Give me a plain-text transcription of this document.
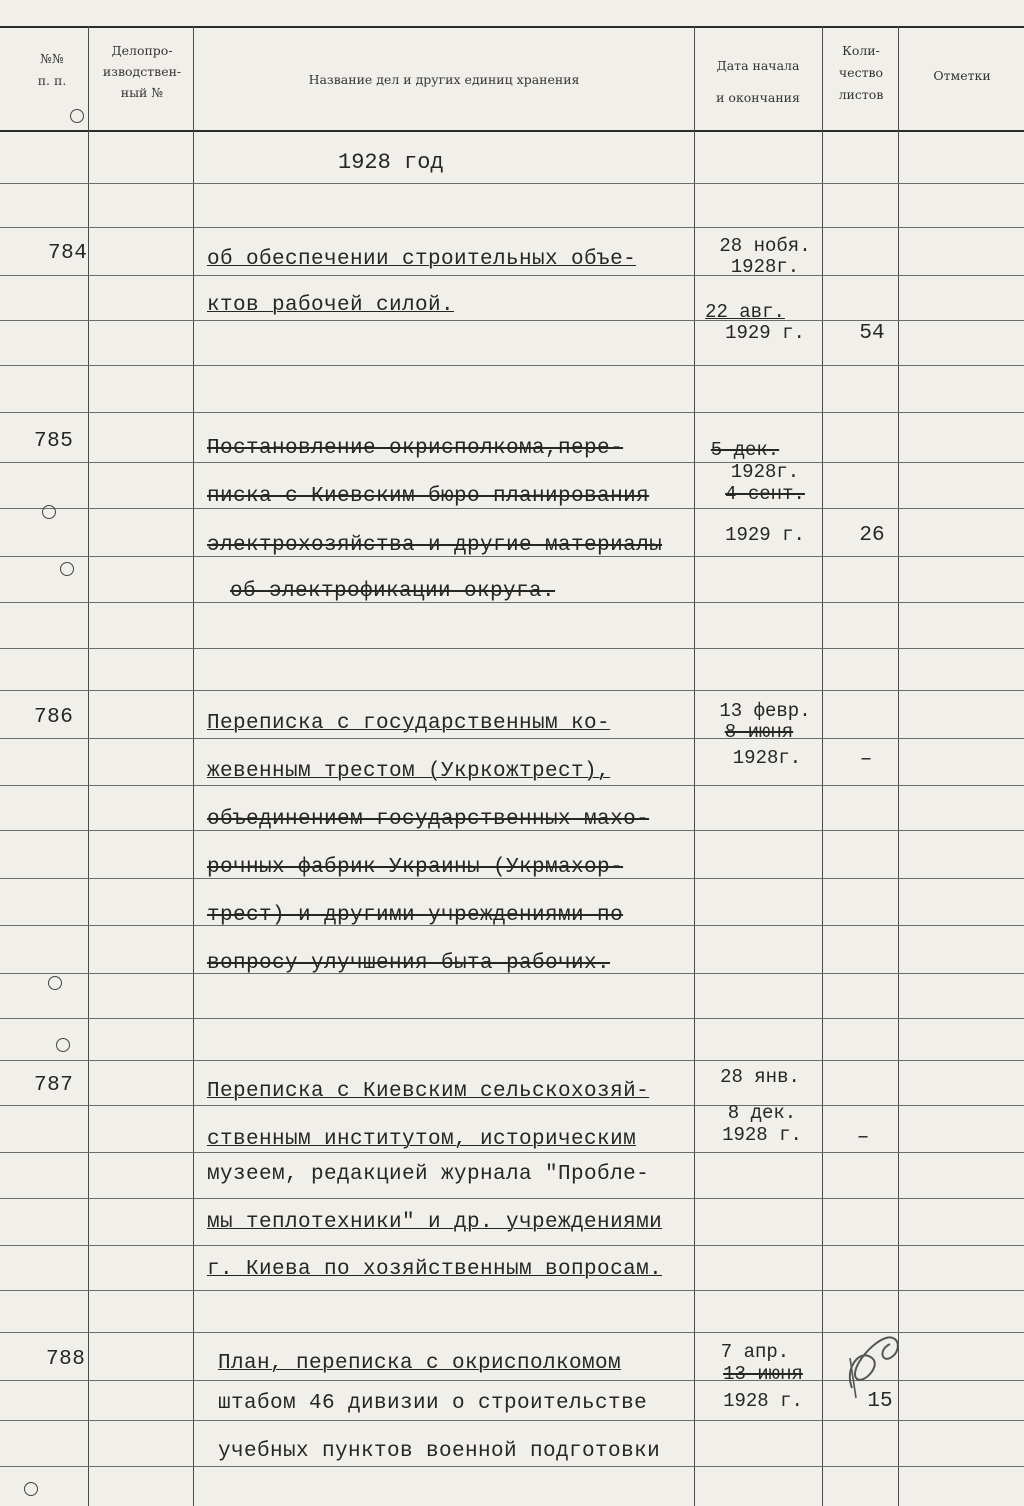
№№
п. п.
Делопро-
изводствен-
ный №
Название дел и других единиц хранения
Дата начала
и окончания
Коли-
чество
листов
Отметки
1928 год
784	об обеспечении строительных объе-
ктов рабочей силой.
28 нобя.
1928г.
22 авг.
1929 г.	54
785	Постановление окрисполкома,пере-
писка с Киевским бюро планирования
электрохозяйства и другие материалы
об электрофикации округа.
5 дек.
1928г.
4 сент.
1929 г.	26
786	Переписка с государственным ко-
жевенным трестом (Укркожтрест),
объединением государственных махо-
рочных фабрик Украины (Укрмахор-
трест) и другими учреждениями по
вопросу улучшения быта рабочих.
13 февр.
8 июня
1928г.	–
787	Переписка с Киевским сельскохозяй-
ственным институтом, историческим
музеем, редакцией журнала "Пробле-
мы теплотехники" и др. учреждениями
г. Киева по хозяйственным вопросам.
28 янв.
8 дек.
1928 г.	–
788	План, переписка с окрисполкомом
штабом 46 дивизии о строительстве
учебных пунктов военной подготовки
7 апр.
13 июня
1928 г.	15
